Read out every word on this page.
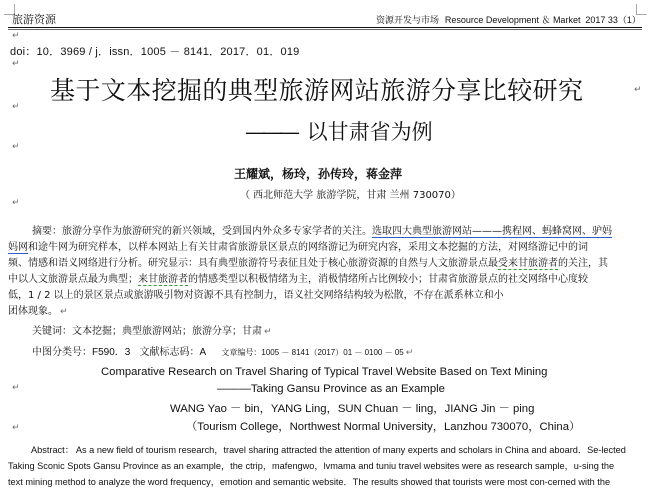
旅游资源	资源开发与市场 Resource Development ＆ Market 2017 33（1）
↵
doi：10．3969 / j．issn．1005 － 8141．2017．01．019
↵
基于文本挖掘的典型旅游网站旅游分享比较研究	↵
↵
——— 以甘肃省为例
↵
王耀斌，杨玲，孙传玲，蒋金萍
（ 西北师范大学 旅游学院，甘肃 兰州 730070）
↵
摘要：旅游分享作为旅游研究的新兴领域，受到国内外众多专家学者的关注。选取四大典型旅游网站———携程网、蚂蜂窝网、驴妈
妈网和途牛网为研究样本，以样本网站上有关甘肃省旅游景区景点的网络游记为研究内容，采用文本挖掘的方法，对网络游记中的词
频、情感和语义网络进行分析。研究显示：具有典型旅游符号表征且处于核心旅游资源的自然与人文旅游景点最受来甘旅游者的关注，其
中以人文旅游景点最为典型；来甘旅游者的情感类型以积极情绪为主，消极情绪所占比例较小；甘肃省旅游景点的社交网络中心度较
低，1 / 2 以上的景区景点或旅游吸引物对资源不具有控制力，语义社交网络结构较为松散，不存在派系林立和小
团体现象。 ↵
关键词：文本挖掘；典型旅游网站；旅游分享；甘肃 ↵
中图分类号：F590．3 文献标志码：A 文章编号：1005 － 8141（2017）01 － 0100 － 05 ↵
Comparative Research on Travel Sharing of Typical Travel Website Based on Text Mining
———Taking Gansu Province as an Example
↵
WANG Yao － bin，YANG Ling，SUN Chuan － ling，JIANG Jin － ping
（Tourism College，Northwest Normal University，Lanzhou 730070，China）
↵
Abstract： As a new field of tourism research，travel sharing attracted the attention of many experts and scholars in China and aboard．Se-lected
Taking Sconic Spots Gansu Province as an example，the ctrip，mafengwo，lvmama and tuniu travel websites were as research sample，u-sing the
text mining method to analyze the word frequency，emotion and semantic website．The results showed that tourists were most con-cerned with the
